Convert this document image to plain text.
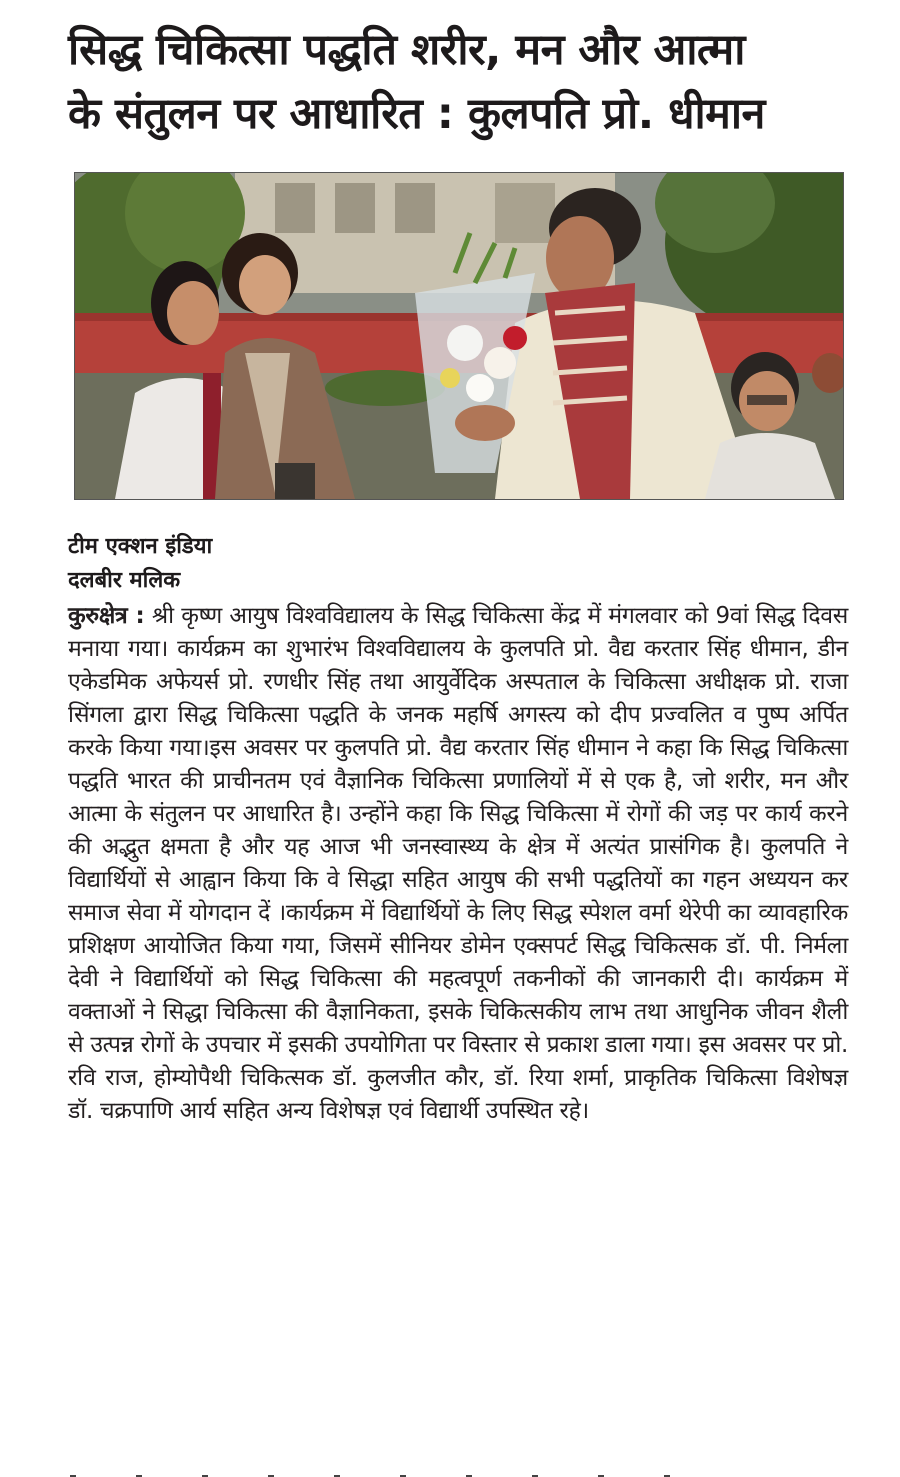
सिद्ध चिकित्सा पद्धति शरीर, मन और आत्मा
के संतुलन पर आधारित : कुलपति प्रो. धीमान
टीम एक्शन इंडिया
दलबीर मलिक

कुरुक्षेत्र : श्री कृष्ण आयुष विश्वविद्यालय के सिद्ध चिकित्सा केंद्र में मंगलवार को 9वां सिद्ध दिवस मनाया गया। कार्यक्रम का शुभारंभ विश्वविद्यालय के कुलपति प्रो. वैद्य करतार सिंह धीमान, डीन एकेडमिक अफेयर्स प्रो. रणधीर सिंह तथा आयुर्वेदिक अस्पताल के चिकित्सा अधीक्षक प्रो. राजा सिंगला द्वारा सिद्ध चिकित्सा पद्धति के जनक महर्षि अगस्त्य को दीप प्रज्वलित व पुष्प अर्पित करके किया गया।इस अवसर पर कुलपति प्रो. वैद्य करतार सिंह धीमान ने कहा कि सिद्ध चिकित्सा पद्धति भारत की प्राचीनतम एवं वैज्ञानिक चिकित्सा प्रणालियों में से एक है, जो शरीर, मन और आत्मा के संतुलन पर आधारित है। उन्होंने कहा कि सिद्ध चिकित्सा में रोगों की जड़ पर कार्य करने की अद्भुत क्षमता है और यह आज भी जनस्वास्थ्य के क्षेत्र में अत्यंत प्रासंगिक है। कुलपति ने विद्यार्थियों से आह्वान किया कि वे सिद्धा सहित आयुष की सभी पद्धतियों का गहन अध्ययन कर समाज सेवा में योगदान दें ।कार्यक्रम में विद्यार्थियों के लिए सिद्ध स्पेशल वर्मा थेरेपी का व्यावहारिक प्रशिक्षण आयोजित किया गया, जिसमें सीनियर डोमेन एक्सपर्ट सिद्ध चिकित्सक डॉ. पी. निर्मला देवी ने विद्यार्थियों को सिद्ध चिकित्सा की महत्वपूर्ण तकनीकों की जानकारी दी। कार्यक्रम में वक्ताओं ने सिद्धा चिकित्सा की वैज्ञानिकता, इसके चिकित्सकीय लाभ तथा आधुनिक जीवन शैली से उत्पन्न रोगों के उपचार में इसकी उपयोगिता पर विस्तार से प्रकाश डाला गया। इस अवसर पर प्रो. रवि राज, होम्योपैथी चिकित्सक डॉ. कुलजीत कौर, डॉ. रिया शर्मा, प्राकृतिक चिकित्सा विशेषज्ञ डॉ. चक्रपाणि आर्य सहित अन्य विशेषज्ञ एवं विद्यार्थी उपस्थित रहे।
